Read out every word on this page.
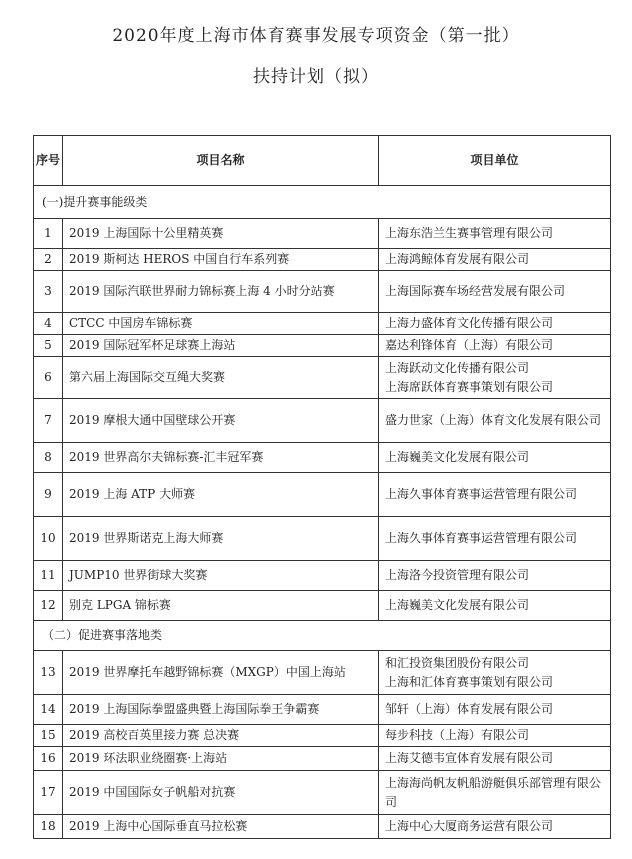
2020年度上海市体育赛事发展专项资金（第一批）
扶持计划（拟）
序号	项目名称	项目单位
(一)提升赛事能级类		
1	2019 上海国际十公里精英赛	上海东浩兰生赛事管理有限公司
2	2019 斯柯达 HEROS 中国自行车系列赛	上海鸿鲸体育发展有限公司
3	2019 国际汽联世界耐力锦标赛上海 4 小时分站赛	上海国际赛车场经营发展有限公司
4	CTCC 中国房车锦标赛	上海力盛体育文化传播有限公司
5	2019 国际冠军杯足球赛上海站	嘉达利锋体育（上海）有限公司
6	第六届上海国际交互绳大奖赛	上海跃动文化传播有限公司
上海席跃体育赛事策划有限公司
7	2019 摩根大通中国壁球公开赛	盛力世家（上海）体育文化发展有限公司
8	2019 世界高尔夫锦标赛-汇丰冠军赛	上海巍美文化发展有限公司
9	2019 上海 ATP 大师赛	上海久事体育赛事运营管理有限公司
10	2019 世界斯诺克上海大师赛	上海久事体育赛事运营管理有限公司
11	JUMP10 世界街球大奖赛	上海洛今投资管理有限公司
12	别克 LPGA 锦标赛	上海巍美文化发展有限公司
（二）促进赛事落地类		
13	2019 世界摩托车越野锦标赛（MXGP）中国上海站	和汇投资集团股份有限公司
上海和汇体育赛事策划有限公司
14	2019 上海国际拳盟盛典暨上海国际拳王争霸赛	邹轩（上海）体育发展有限公司
15	2019 高校百英里接力赛 总决赛	每步科技（上海）有限公司
16	2019 环法职业绕圈赛·上海站	上海艾德韦宣体育发展有限公司
17	2019 中国国际女子帆船对抗赛	上海海尚帆友帆船游艇俱乐部管理有限公司
18	2019 上海中心国际垂直马拉松赛	上海中心大厦商务运营有限公司
